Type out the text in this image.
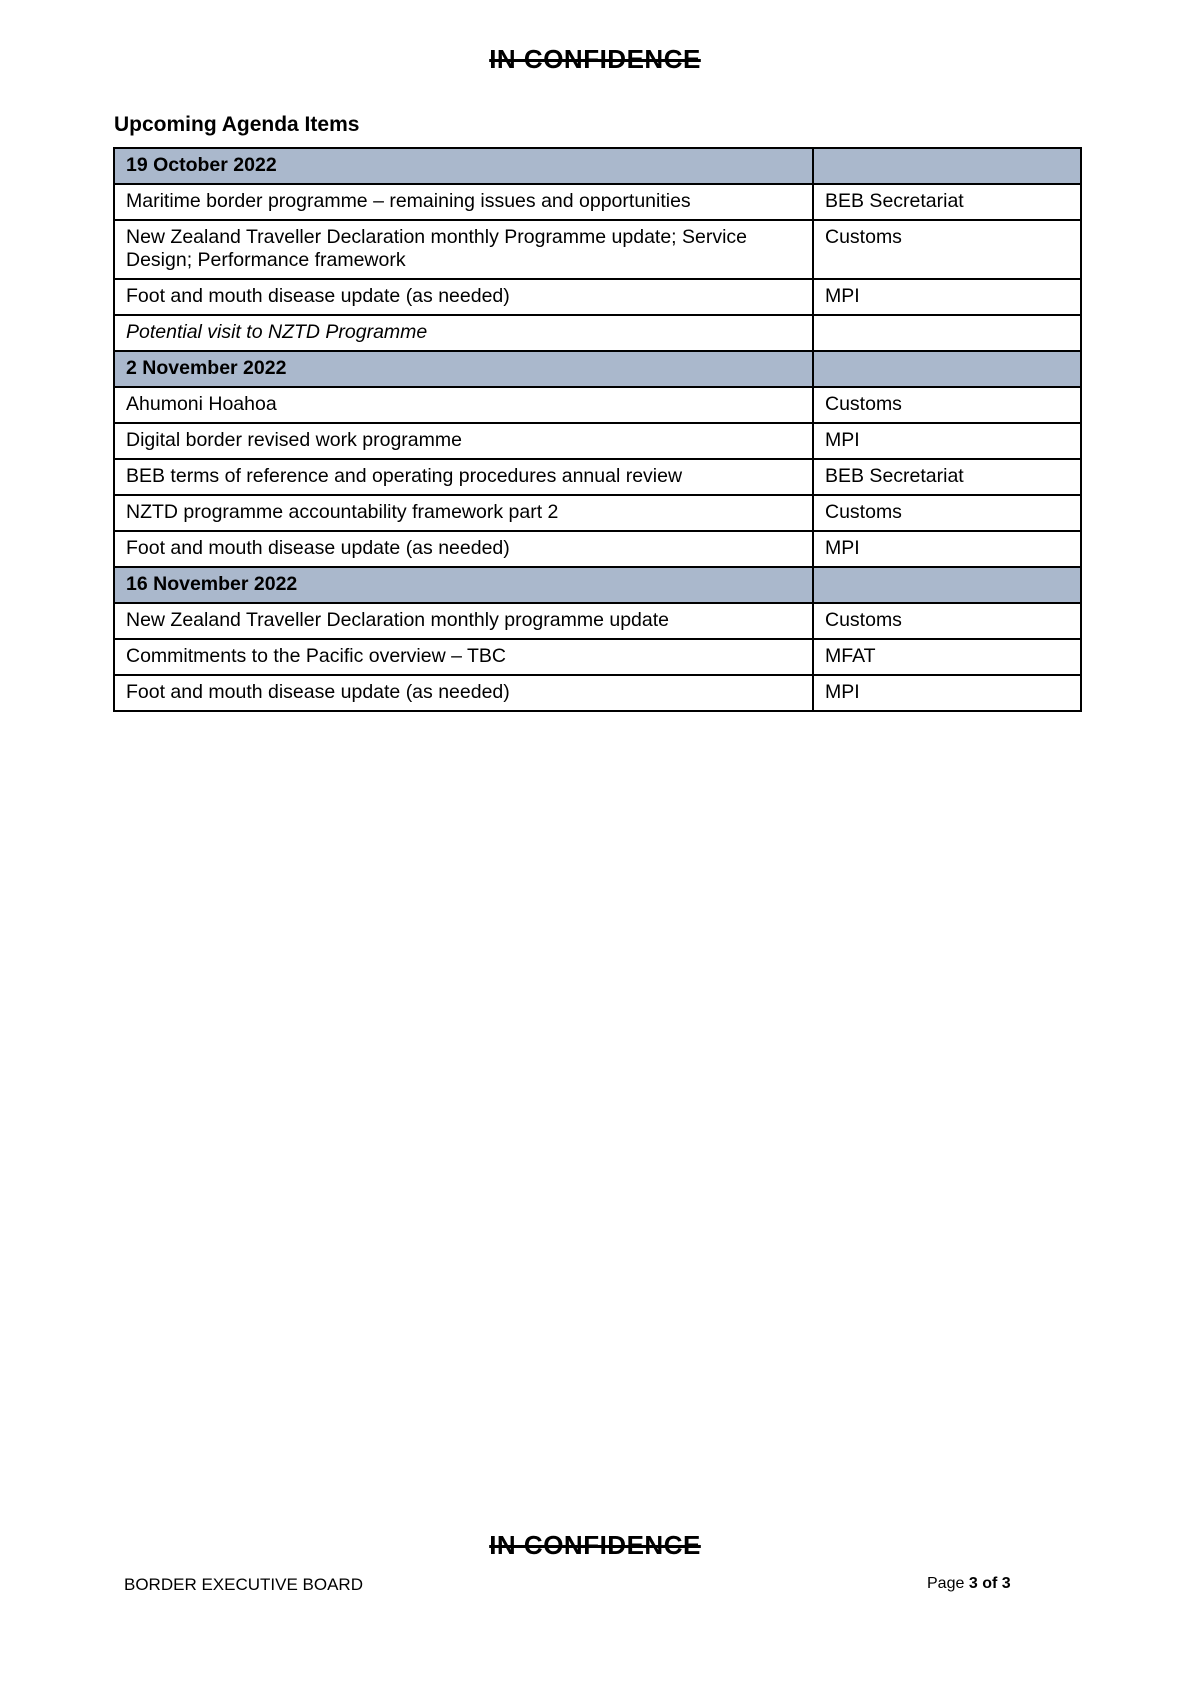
IN CONFIDENCE
Upcoming Agenda Items
19 October 2022	
Maritime border programme – remaining issues and opportunities	BEB Secretariat
New Zealand Traveller Declaration monthly Programme update; Service Design; Performance framework	Customs
Foot and mouth disease update (as needed)	MPI
Potential visit to NZTD Programme	
2 November 2022	
Ahumoni Hoahoa	Customs
Digital border revised work programme	MPI
BEB terms of reference and operating procedures annual review	BEB Secretariat
NZTD programme accountability framework part 2	Customs
Foot and mouth disease update (as needed)	MPI
16 November 2022	
New Zealand Traveller Declaration monthly programme update	Customs
Commitments to the Pacific overview – TBC	MFAT
Foot and mouth disease update (as needed)	MPI
IN CONFIDENCE
BORDER EXECUTIVE BOARD	Page 3 of 3
